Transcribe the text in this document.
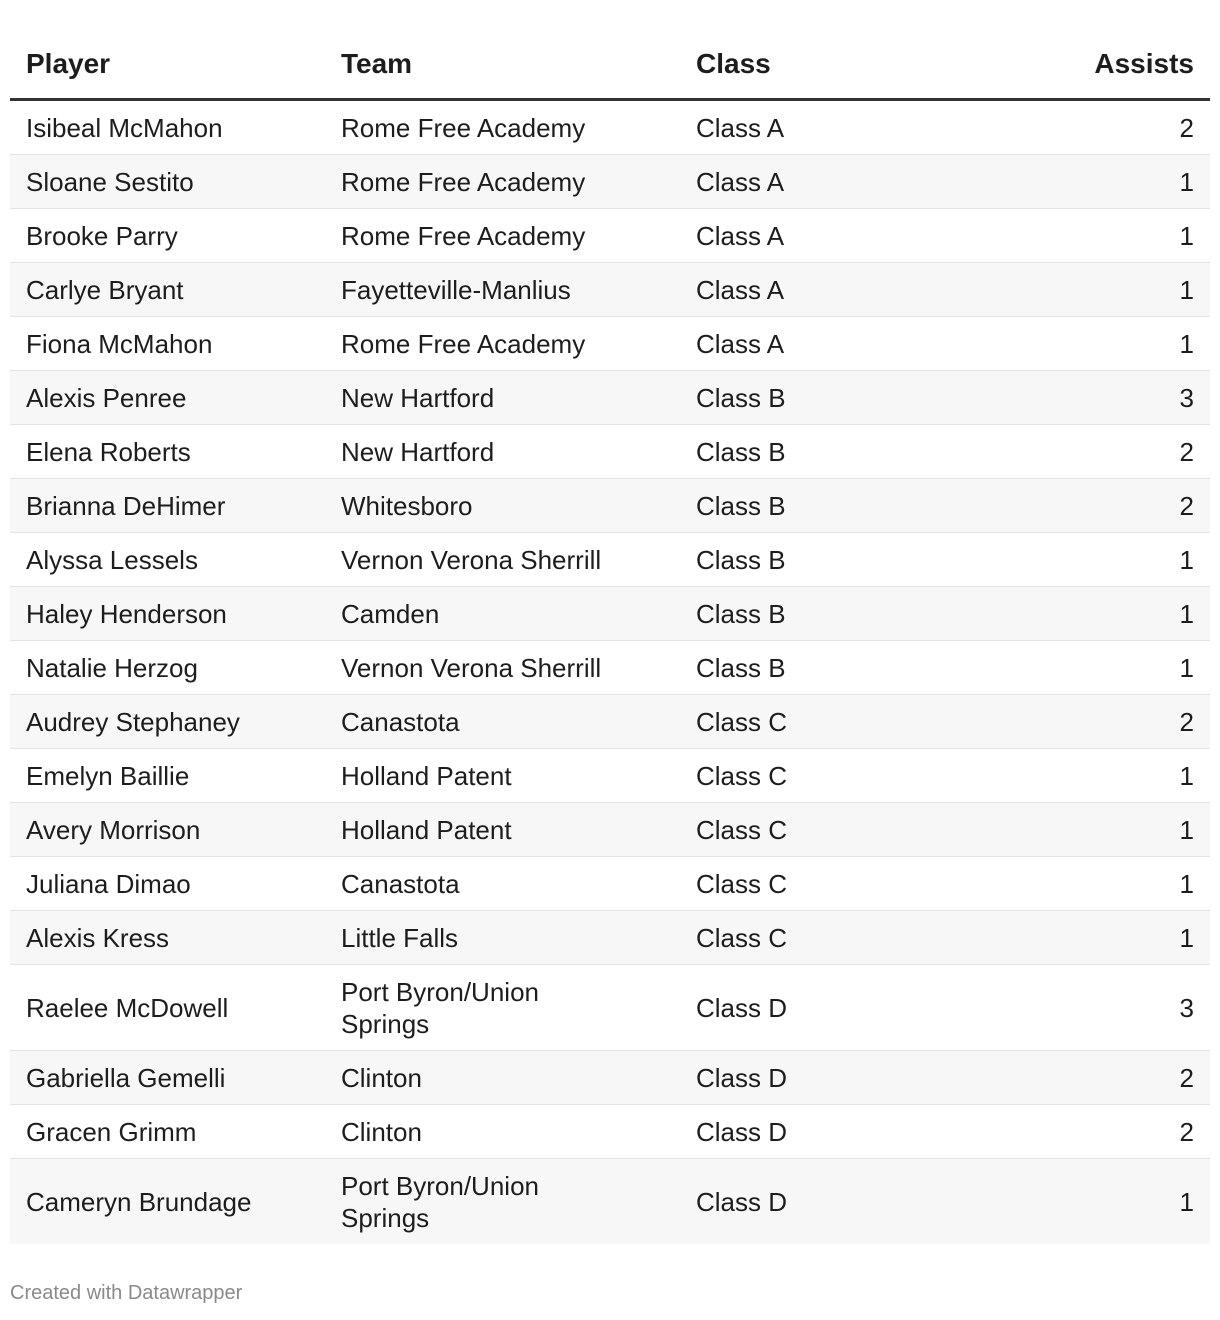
Player	Team	Class	Assists
Isibeal McMahon	Rome Free Academy	Class A	2
Sloane Sestito	Rome Free Academy	Class A	1
Brooke Parry	Rome Free Academy	Class A	1
Carlye Bryant	Fayetteville-Manlius	Class A	1
Fiona McMahon	Rome Free Academy	Class A	1
Alexis Penree	New Hartford	Class B	3
Elena Roberts	New Hartford	Class B	2
Brianna DeHimer	Whitesboro	Class B	2
Alyssa Lessels	Vernon Verona Sherrill	Class B	1
Haley Henderson	Camden	Class B	1
Natalie Herzog	Vernon Verona Sherrill	Class B	1
Audrey Stephaney	Canastota	Class C	2
Emelyn Baillie	Holland Patent	Class C	1
Avery Morrison	Holland Patent	Class C	1
Juliana Dimao	Canastota	Class C	1
Alexis Kress	Little Falls	Class C	1
Raelee McDowell	Port Byron/Union Springs	Class D	3
Gabriella Gemelli	Clinton	Class D	2
Gracen Grimm	Clinton	Class D	2
Cameryn Brundage	Port Byron/Union Springs	Class D	1
Created with Datawrapper
